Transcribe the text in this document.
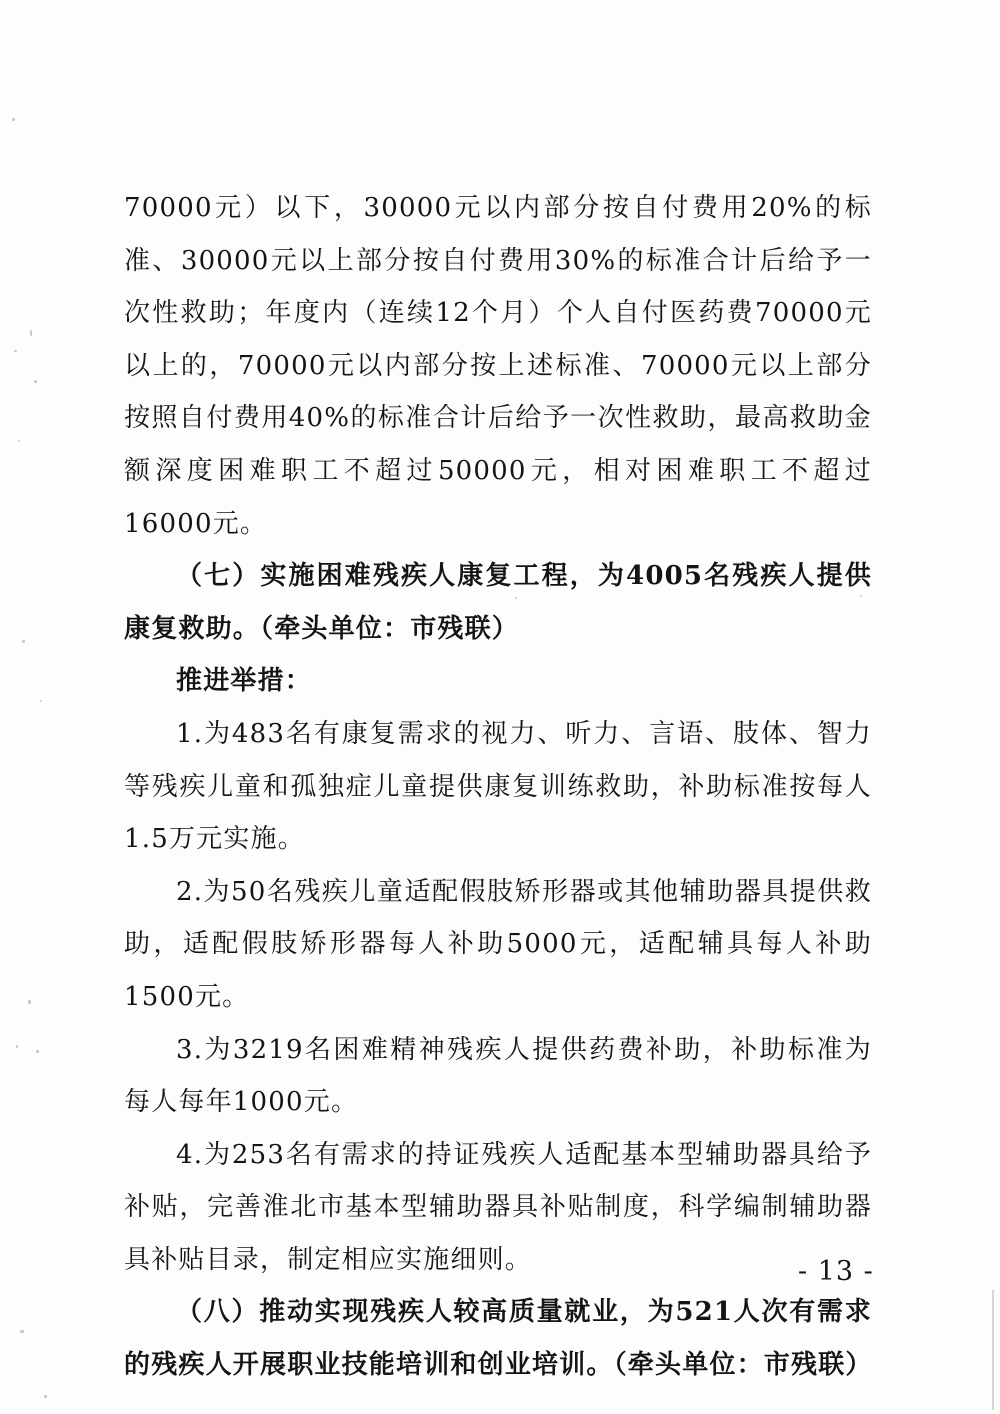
70000元）以下，30000元以内部分按自付费用20%的标准、30000元以上部分按自付费用30%的标准合计后给予一次性救助；年度内（连续12个月）个人自付医药费70000元以上的，70000元以内部分按上述标准、70000元以上部分按照自付费用40%的标准合计后给予一次性救助，最高救助金额深度困难职工不超过50000元，相对困难职工不超过16000元。

（七）实施困难残疾人康复工程，为4005名残疾人提供康复救助。（牵头单位：市残联）

推进举措：

1.为483名有康复需求的视力、听力、言语、肢体、智力等残疾儿童和孤独症儿童提供康复训练救助，补助标准按每人1.5万元实施。

2.为50名残疾儿童适配假肢矫形器或其他辅助器具提供救助，适配假肢矫形器每人补助5000元，适配辅具每人补助1500元。

3.为3219名困难精神残疾人提供药费补助，补助标准为每人每年1000元。

4.为253名有需求的持证残疾人适配基本型辅助器具给予补贴，完善淮北市基本型辅助器具补贴制度，科学编制辅助器具补贴目录，制定相应实施细则。

（八）推动实现残疾人较高质量就业，为521人次有需求的残疾人开展职业技能培训和创业培训。（牵头单位：市残联）

- 13 -
